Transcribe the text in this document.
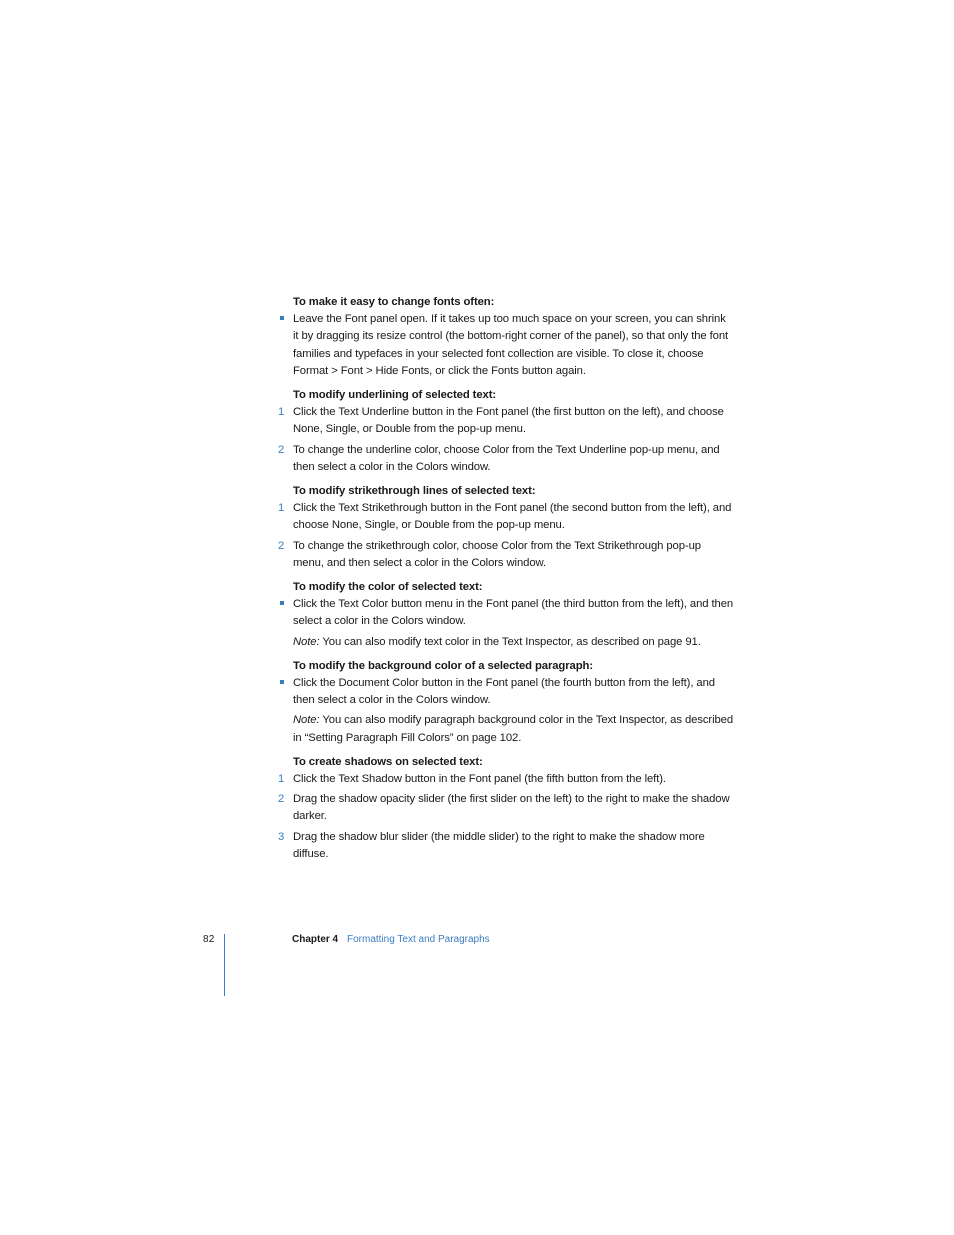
To make it easy to change fonts often:
Leave the Font panel open. If it takes up too much space on your screen, you can shrink it by dragging its resize control (the bottom-right corner of the panel), so that only the font families and typefaces in your selected font collection are visible. To close it, choose Format > Font > Hide Fonts, or click the Fonts button again.
To modify underlining of selected text:
1 Click the Text Underline button in the Font panel (the first button on the left), and choose None, Single, or Double from the pop-up menu.
2 To change the underline color, choose Color from the Text Underline pop-up menu, and then select a color in the Colors window.
To modify strikethrough lines of selected text:
1 Click the Text Strikethrough button in the Font panel (the second button from the left), and choose None, Single, or Double from the pop-up menu.
2 To change the strikethrough color, choose Color from the Text Strikethrough pop-up menu, and then select a color in the Colors window.
To modify the color of selected text:
Click the Text Color button menu in the Font panel (the third button from the left), and then select a color in the Colors window.
Note: You can also modify text color in the Text Inspector, as described on page 91.
To modify the background color of a selected paragraph:
Click the Document Color button in the Font panel (the fourth button from the left), and then select a color in the Colors window.
Note: You can also modify paragraph background color in the Text Inspector, as described in “Setting Paragraph Fill Colors” on page 102.
To create shadows on selected text:
1 Click the Text Shadow button in the Font panel (the fifth button from the left).
2 Drag the shadow opacity slider (the first slider on the left) to the right to make the shadow darker.
3 Drag the shadow blur slider (the middle slider) to the right to make the shadow more diffuse.
82	Chapter 4 Formatting Text and Paragraphs
